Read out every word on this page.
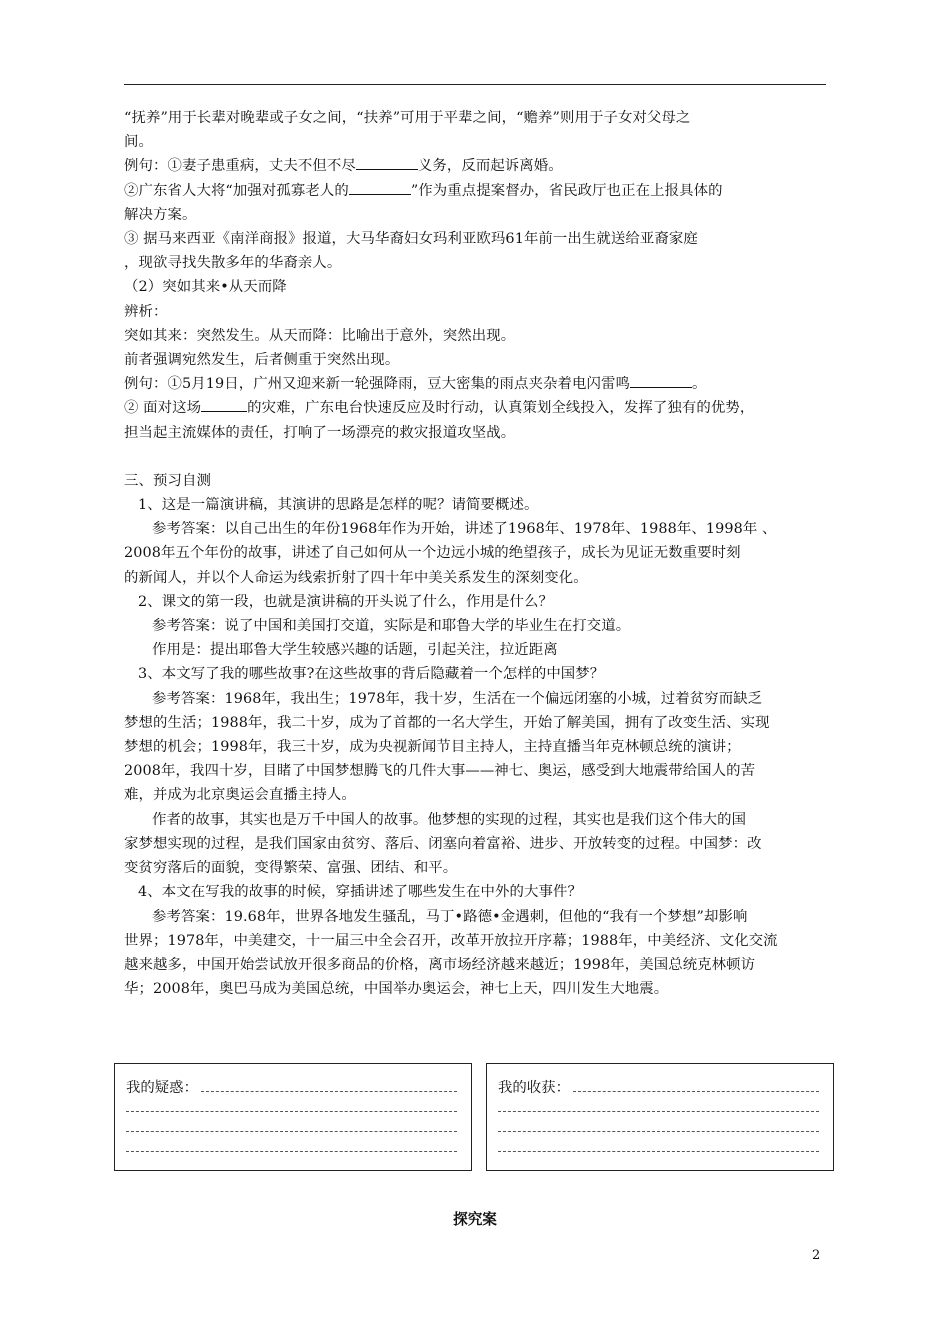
“抚养”用于长辈对晚辈或子女之间，“扶养”可用于平辈之间，“赡养”则用于子女对父母之

间。

例句：①妻子患重病，丈夫不但不尽	义务，反而起诉离婚。

②广东省人大将“加强对孤寡老人的	”作为重点提案督办，省民政厅也正在上报具体的

解决方案。

③ 据马来西亚《南洋商报》报道，大马华裔妇女玛利亚欧玛61年前一出生就送给亚裔家庭

，现欲寻找失散多年的华裔亲人。

（2）突如其来•从天而降

辨析：

突如其来：突然发生。从天而降：比喻出于意外，突然出现。

前者强调宛然发生，后者侧重于突然出现。

例句：①5月19日，广州又迎来新一轮强降雨，豆大密集的雨点夹杂着电闪雷鸣	。

② 面对这场	的灾难，广东电台快速反应及时行动，认真策划全线投入，发挥了独有的优势，

担当起主流媒体的责任，打响了一场漂亮的救灾报道攻坚战。

三、预习自测

1、这是一篇演讲稿，其演讲的思路是怎样的呢？请简要概述。

参考答案：以自己出生的年份1968年作为开始，讲述了1968年、1978年、1988年、1998年 、

2008年五个年份的故事，讲述了自己如何从一个边远小城的绝望孩子，成长为见证无数重要时刻

的新闻人，并以个人命运为线索折射了四十年中美关系发生的深刻变化。

2、课文的第一段，也就是演讲稿的开头说了什么，作用是什么？

参考答案：说了中国和美国打交道，实际是和耶鲁大学的毕业生在打交道。

作用是：提出耶鲁大学生较感兴趣的话题，引起关注，拉近距离

3、本文写了我的哪些故事?在这些故事的背后隐藏着一个怎样的中国梦？

参考答案：1968年，我出生；1978年，我十岁，生活在一个偏远闭塞的小城，过着贫穷而缺乏

梦想的生活；1988年，我二十岁，成为了首都的一名大学生，开始了解美国，拥有了改变生活、实现

梦想的机会；1998年，我三十岁，成为央视新闻节目主持人，主持直播当年克林顿总统的演讲；

2008年，我四十岁，目睹了中国梦想腾飞的几件大事——神七、奥运，感受到大地震带给国人的苦

难，并成为北京奥运会直播主持人。

作者的故事，其实也是万千中国人的故事。他梦想的实现的过程，其实也是我们这个伟大的国

家梦想实现的过程，是我们国家由贫穷、落后、闭塞向着富裕、进步、开放转变的过程。中国梦：改

变贫穷落后的面貌，变得繁荣、富强、团结、和平。

4、本文在写我的故事的时候，穿插讲述了哪些发生在中外的大事件？

参考答案：19.68年，世界各地发生骚乱，马丁•路德•金遇刺，但他的“我有一个梦想”却影响

世界；1978年，中美建交，十一届三中全会召开，改革开放拉开序幕；1988年，中美经济、文化交流

越来越多，中国开始尝试放开很多商品的价格，离市场经济越来越近；1998年，美国总统克林顿访

华；2008年，奥巴马成为美国总统，中国举办奥运会，神七上天，四川发生大地震。

我的疑惑：	我的收获：
探究案
2
